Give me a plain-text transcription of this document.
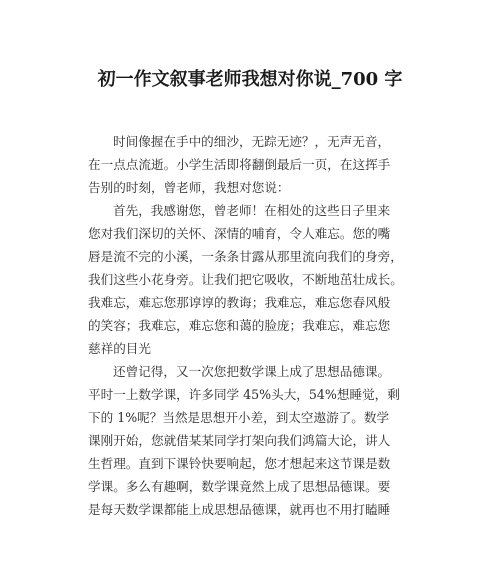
初一作文叙事老师我想对你说_700 字
时间像握在手中的细沙，无踪无迹？，无声无音，
在一点点流逝。小学生活即将翻倒最后一页，在这挥手
告别的时刻，曾老师，我想对您说：
首先，我感谢您，曾老师！在相处的这些日子里来
您对我们深切的关怀、深情的哺育，令人难忘。您的嘴
唇是流不完的小溪，一条条甘露从那里流向我们的身旁，
我们这些小花身旁。让我们把它吸收，不断地茁壮成长。
我难忘，难忘您那谆谆的教诲；我难忘，难忘您春风般
的笑容；我难忘，难忘您和蔼的脸庞；我难忘，难忘您
慈祥的目光
还曾记得，又一次您把数学课上成了思想品德课。
平时一上数学课，许多同学 45%头大，54%想睡觉，剩
下的 1%呢？当然是思想开小差，到太空遨游了。数学
课刚开始，您就借某某同学打架向我们鸿篇大论，讲人
生哲理。直到下课铃快要响起，您才想起来这节课是数
学课。多么有趣啊，数学课竟然上成了思想品德课。要
是每天数学课都能上成思想品德课，就再也不用打瞌睡
